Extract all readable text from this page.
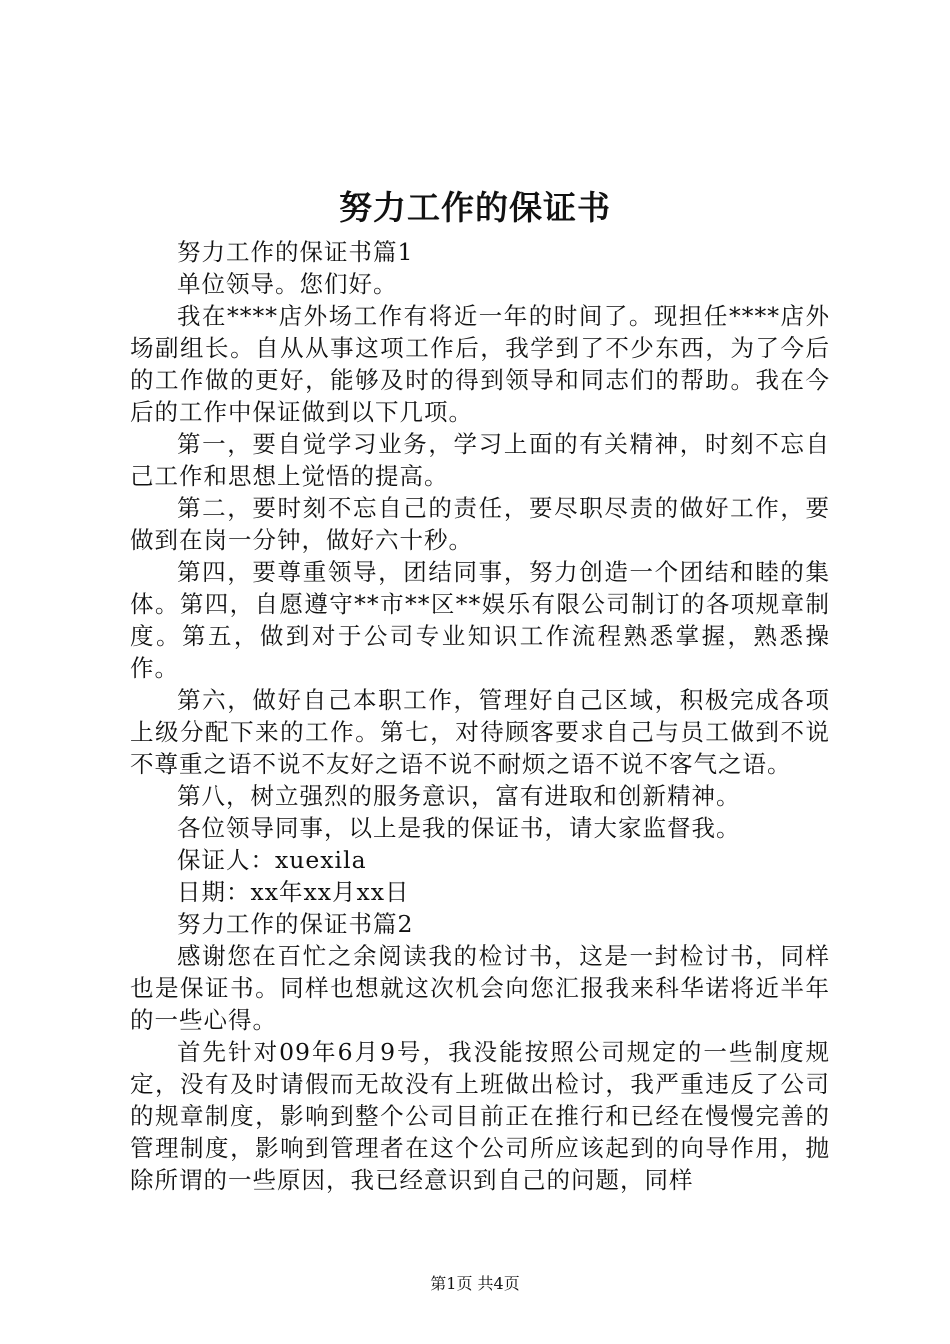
努力工作的保证书

努力工作的保证书篇1

单位领导。您们好。

我在****店外场工作有将近一年的时间了。现担任****店外场副组长。自从从事这项工作后，我学到了不少东西，为了今后的工作做的更好，能够及时的得到领导和同志们的帮助。我在今后的工作中保证做到以下几项。

第一，要自觉学习业务，学习上面的有关精神，时刻不忘自己工作和思想上觉悟的提高。

第二，要时刻不忘自己的责任，要尽职尽责的做好工作，要做到在岗一分钟，做好六十秒。

第四，要尊重领导，团结同事，努力创造一个团结和睦的集体。第四，自愿遵守**市**区**娱乐有限公司制订的各项规章制度。第五，做到对于公司专业知识工作流程熟悉掌握，熟悉操作。

第六，做好自己本职工作，管理好自己区域，积极完成各项上级分配下来的工作。第七，对待顾客要求自己与员工做到不说不尊重之语不说不友好之语不说不耐烦之语不说不客气之语。

第八，树立强烈的服务意识，富有进取和创新精神。

各位领导同事，以上是我的保证书，请大家监督我。

保证人：xuexila

日期：xx年xx月xx日

努力工作的保证书篇2

感谢您在百忙之余阅读我的检讨书，这是一封检讨书，同样也是保证书。同样也想就这次机会向您汇报我来科华诺将近半年的一些心得。

首先针对09年6月9号，我没能按照公司规定的一些制度规定，没有及时请假而无故没有上班做出检讨，我严重违反了公司的规章制度，影响到整个公司目前正在推行和已经在慢慢完善的管理制度，影响到管理者在这个公司所应该起到的向导作用，抛除所谓的一些原因，我已经意识到自己的问题，同样

第1页 共4页
